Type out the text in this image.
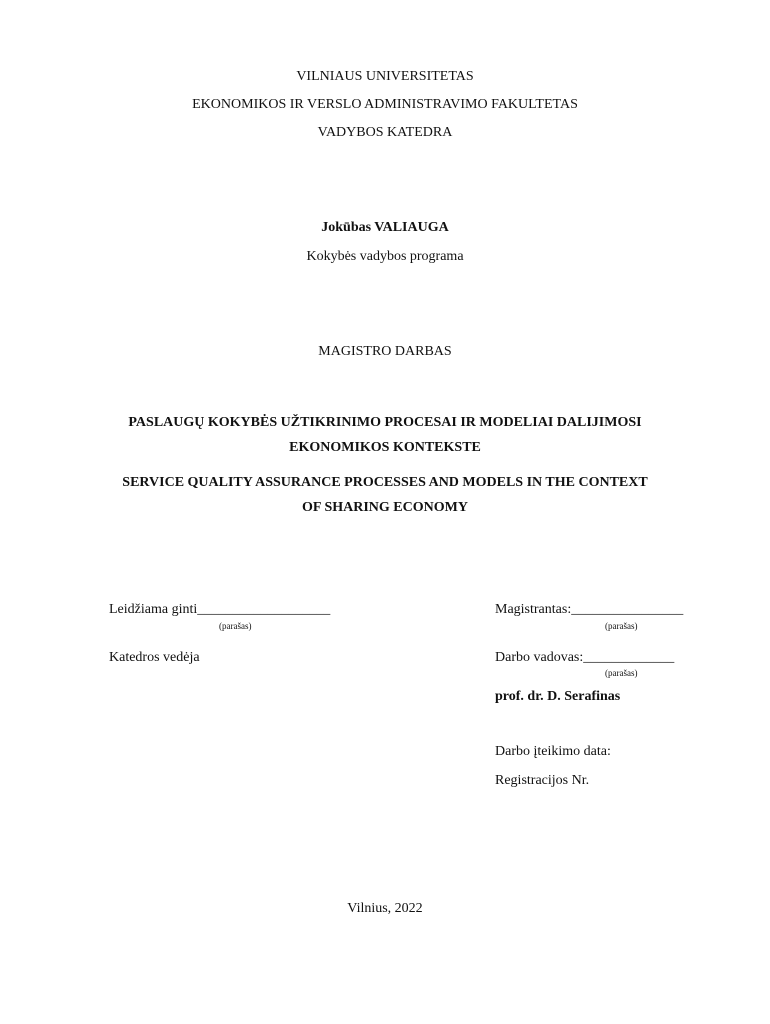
VILNIAUS UNIVERSITETAS
EKONOMIKOS IR VERSLO ADMINISTRAVIMO FAKULTETAS
VADYBOS KATEDRA
Jokūbas VALIAUGA
Kokybės vadybos programa
MAGISTRO DARBAS
PASLAUGŲ KOKYBĖS UŽTIKRINIMO PROCESAI IR MODELIAI DALIJIMOSI
EKONOMIKOS KONTEKSTE
SERVICE QUALITY ASSURANCE PROCESSES AND MODELS IN THE CONTEXT
OF SHARING ECONOMY
Leidžiama ginti___________________
(parašas)
Magistrantas:________________
(parašas)
Katedros vedėja	Darbo vadovas:_____________
(parašas)
prof. dr. D. Serafinas
Darbo įteikimo data:
Registracijos Nr.
Vilnius, 2022
